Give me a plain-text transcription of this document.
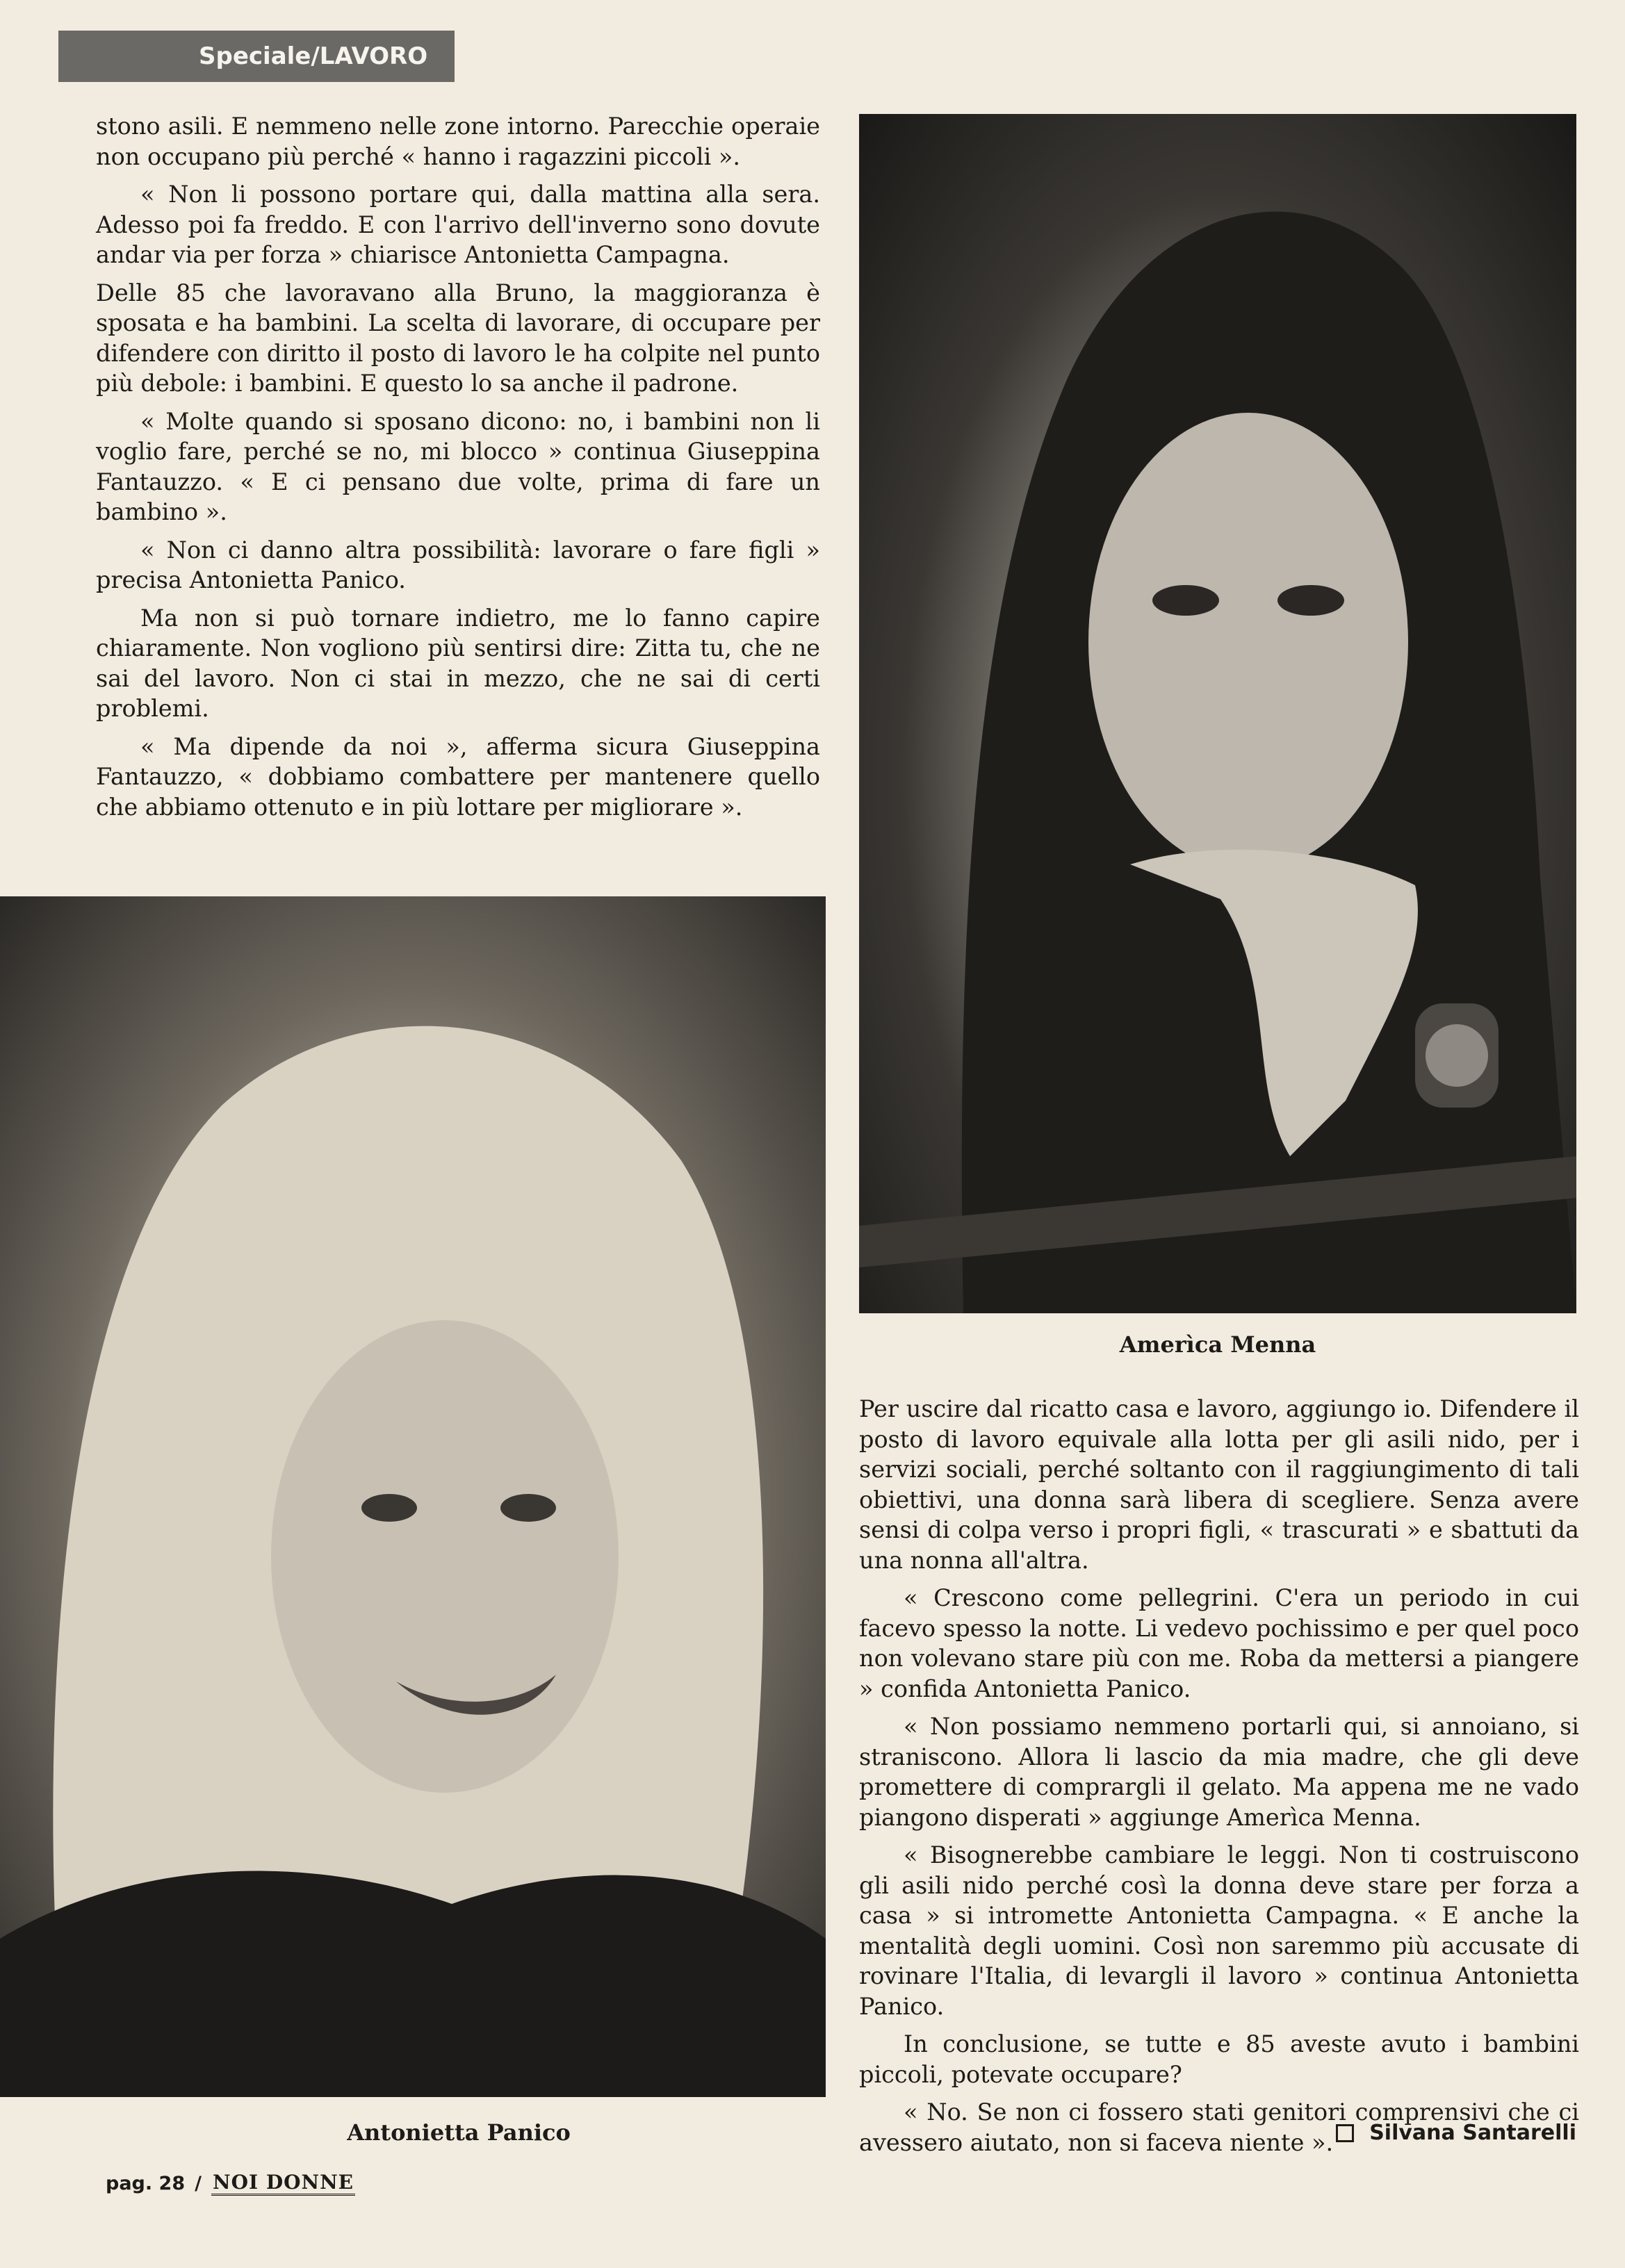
Speciale/LAVORO

stono asili. E nemmeno nelle zone intorno. Parecchie operaie non occupano più perché « hanno i ragazzini piccoli ».

« Non li possono portare qui, dalla mattina alla sera. Adesso poi fa freddo. E con l'arrivo dell'inverno sono dovute andar via per forza » chiarisce Antonietta Campagna.

Delle 85 che lavoravano alla Bruno, la maggioranza è sposata e ha bambini. La scelta di lavorare, di occupare per difendere con diritto il posto di lavoro le ha colpite nel punto più debole: i bambini. E questo lo sa anche il padrone.

« Molte quando si sposano dicono: no, i bambini non li voglio fare, perché se no, mi blocco » continua Giuseppina Fantauzzo. « E ci pensano due volte, prima di fare un bambino ».

« Non ci danno altra possibilità: lavorare o fare figli » precisa Antonietta Panico.

Ma non si può tornare indietro, me lo fanno capire chiaramente. Non vogliono più sentirsi dire: Zitta tu, che ne sai del lavoro. Non ci stai in mezzo, che ne sai di certi problemi.

« Ma dipende da noi », afferma sicura Giuseppina Fantauzzo, « dobbiamo combattere per mantenere quello che abbiamo ottenuto e in più lottare per migliorare ».

Amerìca Menna
Antonietta Panico

Per uscire dal ricatto casa e lavoro, aggiungo io. Difendere il posto di lavoro equivale alla lotta per gli asili nido, per i servizi sociali, perché soltanto con il raggiungimento di tali obiettivi, una donna sarà libera di scegliere. Senza avere sensi di colpa verso i propri figli, « trascurati » e sbattuti da una nonna all'altra.

« Crescono come pellegrini. C'era un periodo in cui facevo spesso la notte. Li vedevo pochissimo e per quel poco non volevano stare più con me. Roba da mettersi a piangere » confida Antonietta Panico.

« Non possiamo nemmeno portarli qui, si annoiano, si straniscono. Allora li lascio da mia madre, che gli deve promettere di comprargli il gelato. Ma appena me ne vado piangono disperati » aggiunge Amerìca Menna.

« Bisognerebbe cambiare le leggi. Non ti costruiscono gli asili nido perché così la donna deve stare per forza a casa » si intromette Antonietta Campagna. « E anche la mentalità degli uomini. Così non saremmo più accusate di rovinare l'Italia, di levargli il lavoro » continua Antonietta Panico.

In conclusione, se tutte e 85 aveste avuto i bambini piccoli, potevate occupare?

« No. Se non ci fossero stati genitori comprensivi che ci avessero aiutato, non si faceva niente ».	Silvana Santarelli
pag. 28 / NOI DONNE
